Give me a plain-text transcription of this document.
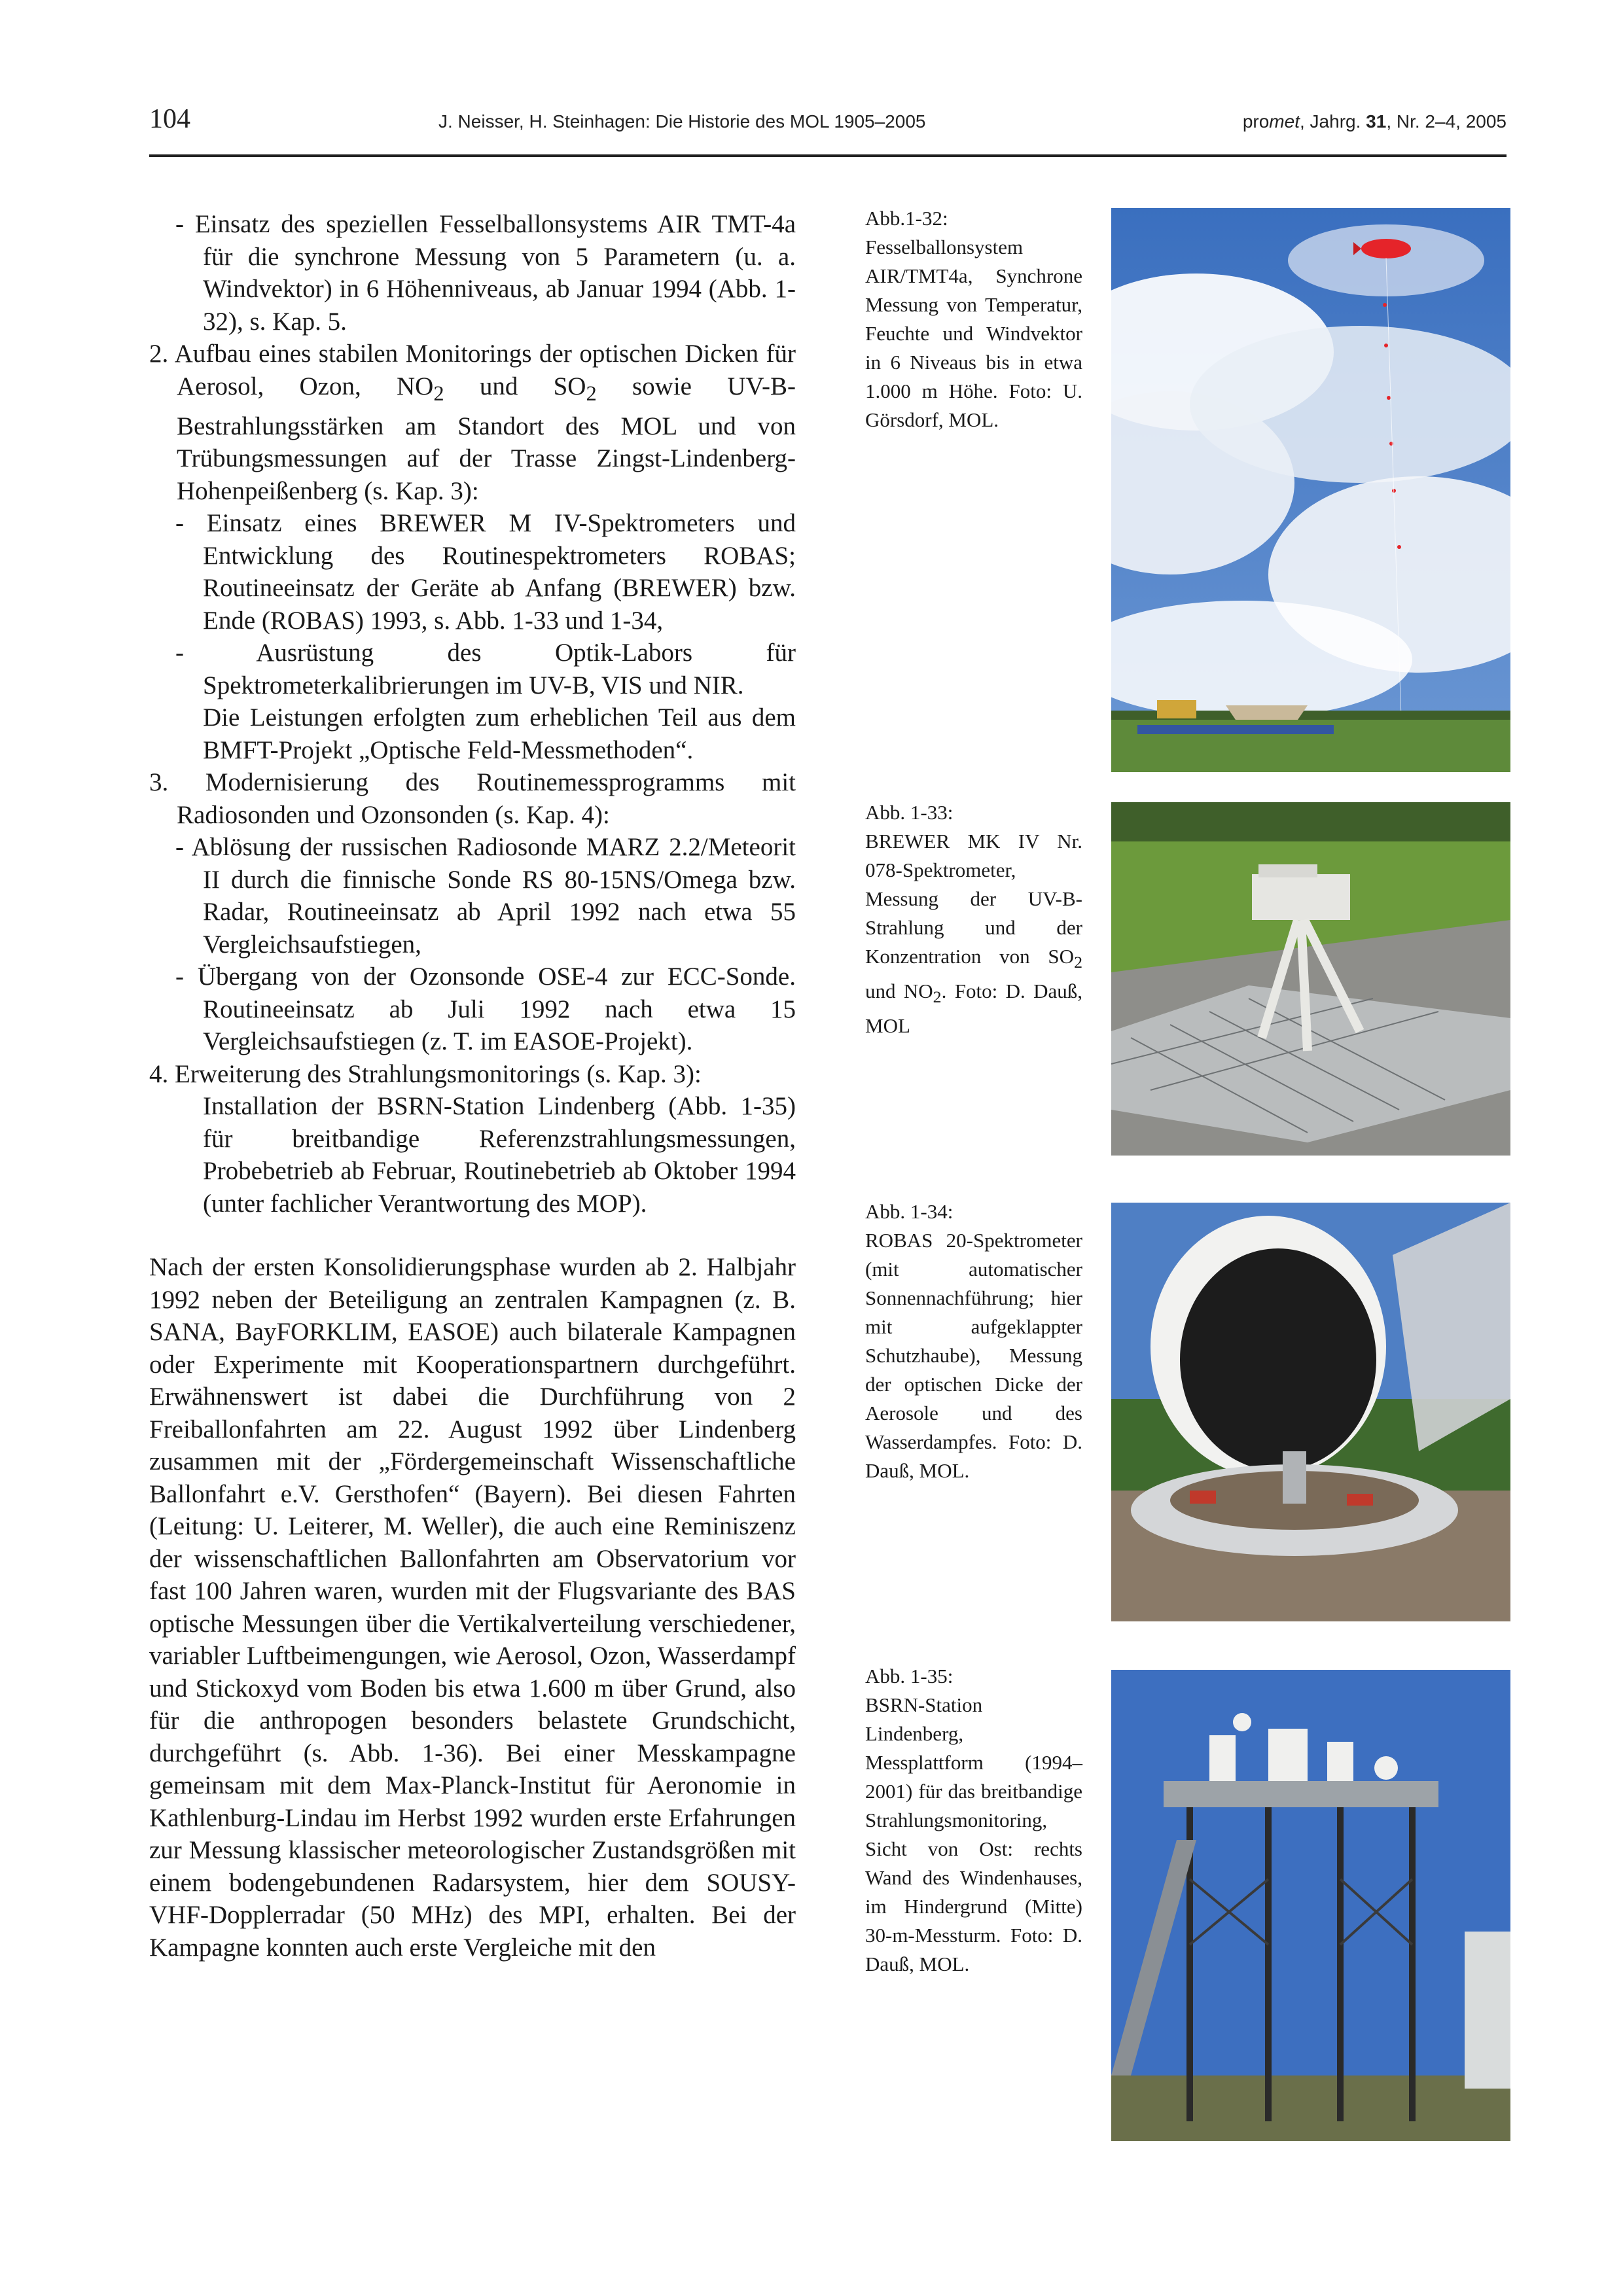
104	J. Neisser, H. Steinhagen: Die Historie des MOL 1905–2005	promet, Jahrg. 31, Nr. 2–4, 2005

- Einsatz des speziellen Fesselballonsystems AIR TMT-4a für die synchrone Messung von 5 Parametern (u. a. Windvektor) in 6 Höhenniveaus, ab Januar 1994 (Abb. 1-32), s. Kap. 5.

2. Aufbau eines stabilen Monitorings der optischen Dicken für Aerosol, Ozon, $NO_2$ und $SO_2$ sowie UV-B-Bestrahlungsstärken am Standort des MOL und von Trübungsmessungen auf der Trasse Zingst-Lindenberg-Hohenpeißenberg (s. Kap. 3):

- Einsatz eines BREWER M IV-Spektrometers und Entwicklung des Routinespektrometers ROBAS; Routineeinsatz der Geräte ab Anfang (BREWER) bzw. Ende (ROBAS) 1993, s. Abb. 1-33 und 1-34,

- Ausrüstung des Optik-Labors für Spektrometerkalibrierungen im UV-B, VIS und NIR.

Die Leistungen erfolgten zum erheblichen Teil aus dem BMFT-Projekt „Optische Feld-Messmethoden“.

3. Modernisierung des Routinemessprogramms mit Radiosonden und Ozonsonden (s. Kap. 4):

- Ablösung der russischen Radiosonde MARZ 2.2/Meteorit II durch die finnische Sonde RS 80-15NS/Omega bzw. Radar, Routineeinsatz ab April 1992 nach etwa 55 Vergleichsaufstiegen,

- Übergang von der Ozonsonde OSE-4 zur ECC-Sonde. Routineeinsatz ab Juli 1992 nach etwa 15 Vergleichsaufstiegen (z. T. im EASOE-Projekt).

4. Erweiterung des Strahlungsmonitorings (s. Kap. 3):

Installation der BSRN-Station Lindenberg (Abb. 1-35) für breitbandige Referenzstrahlungsmessungen, Probebetrieb ab Februar, Routinebetrieb ab Oktober 1994 (unter fachlicher Verantwortung des MOP).

Nach der ersten Konsolidierungsphase wurden ab 2. Halbjahr 1992 neben der Beteiligung an zentralen Kampagnen (z. B. SANA, BayFORKLIM, EASOE) auch bilaterale Kampagnen oder Experimente mit Kooperationspartnern durchgeführt. Erwähnenswert ist dabei die Durchführung von 2 Freiballonfahrten am 22. August 1992 über Lindenberg zusammen mit der „Fördergemeinschaft Wissenschaftliche Ballonfahrt e.V. Gersthofen“ (Bayern). Bei diesen Fahrten (Leitung: U. Leiterer, M. Weller), die auch eine Reminiszenz der wissenschaftlichen Ballonfahrten am Observatorium vor fast 100 Jahren waren, wurden mit der Flugsvariante des BAS optische Messungen über die Vertikalverteilung verschiedener, variabler Luftbeimengungen, wie Aerosol, Ozon, Wasserdampf und Stickoxyd vom Boden bis etwa 1.600 m über Grund, also für die anthropogen besonders belastete Grundschicht, durchgeführt (s. Abb. 1-36). Bei einer Messkampagne gemeinsam mit dem Max-Planck-Institut für Aeronomie in Kathlenburg-Lindau im Herbst 1992 wurden erste Erfahrungen zur Messung klassischer meteorologischer Zustandsgrößen mit einem bodengebundenen Radarsystem, hier dem SOUSY-VHF-Dopplerradar (50 MHz) des MPI, erhalten. Bei der Kampagne konnten auch erste Vergleiche mit den

Abb.1-32:
Fesselballonsystem AIR/TMT4a, Synchrone Messung von Temperatur, Feuchte und Windvektor in 6 Niveaus bis in etwa 1.000 m Höhe. Foto: U. Görsdorf, MOL.
Abb. 1-33:
BREWER MK IV Nr. 078-Spektrometer, Messung der UV-B-Strahlung und der Konzentration von $SO_2$ und $NO_2$. Foto: D. Dauß, MOL
Abb. 1-34:
ROBAS 20-Spektrometer (mit automatischer Sonnennachführung; hier mit aufgeklappter Schutzhaube), Messung der optischen Dicke der Aerosole und des Wasserdampfes. Foto: D. Dauß, MOL.
Abb. 1-35:
BSRN-Station Lindenberg, Messplattform (1994–2001) für das breitbandige Strahlungsmonitoring, Sicht von Ost: rechts Wand des Windenhauses, im Hindergrund (Mitte) 30-m-Messturm. Foto: D. Dauß, MOL.
